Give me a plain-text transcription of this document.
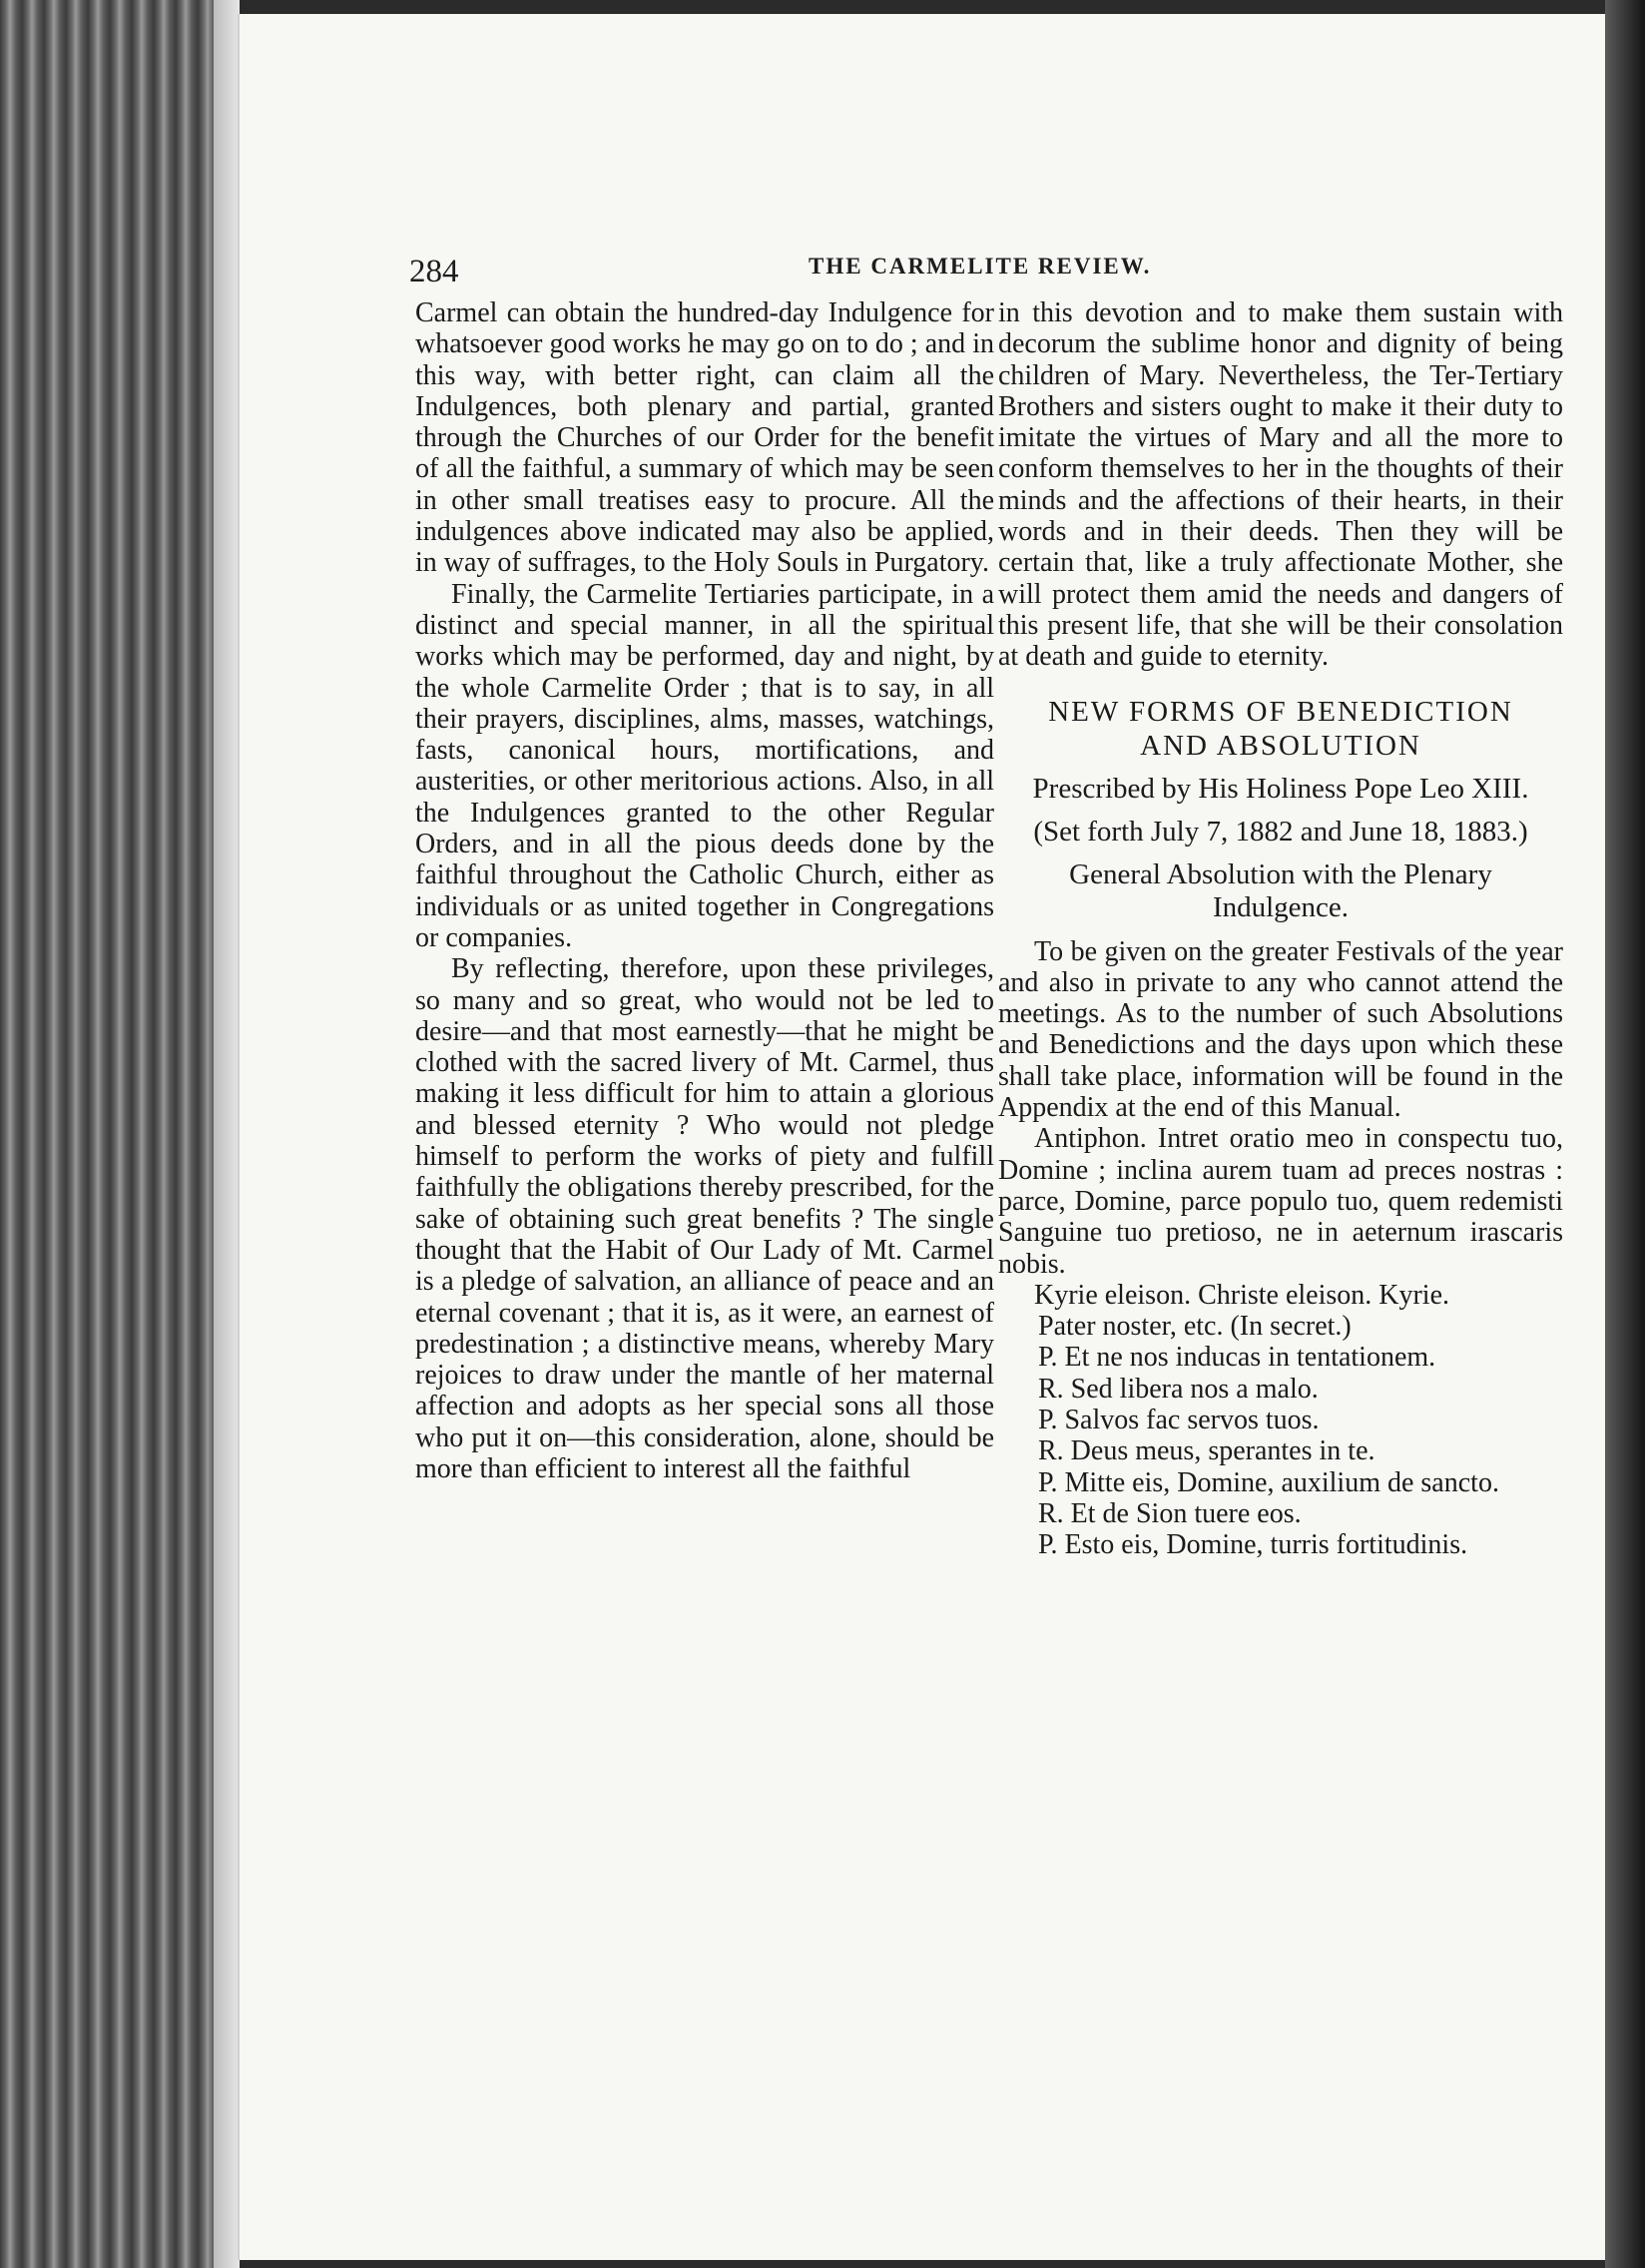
284	THE CARMELITE REVIEW.

Carmel can obtain the hundred-day Indulgence for whatsoever good works he may go on to do ; and in this way, with better right, can claim all the Indulgences, both plenary and partial, granted through the Churches of our Order for the benefit of all the faithful, a summary of which may be seen in other small treatises easy to procure. All the indulgences above indicated may also be applied, in way of suffrages, to the Holy Souls in Purgatory.

Finally, the Carmelite Tertiaries participate, in a distinct and special manner, in all the spiritual works which may be performed, day and night, by the whole Carmelite Order ; that is to say, in all their prayers, disciplines, alms, masses, watchings, fasts, canonical hours, mortifications, and austerities, or other meritorious actions. Also, in all the Indulgences granted to the other Regular Orders, and in all the pious deeds done by the faithful throughout the Catholic Church, either as individuals or as united together in Congregations or companies.

By reflecting, therefore, upon these privileges, so many and so great, who would not be led to desire—and that most earnestly—that he might be clothed with the sacred livery of Mt. Carmel, thus making it less difficult for him to attain a glorious and blessed eternity ? Who would not pledge himself to perform the works of piety and fulfill faithfully the obligations thereby prescribed, for the sake of obtaining such great benefits ? The single thought that the Habit of Our Lady of Mt. Carmel is a pledge of salvation, an alliance of peace and an eternal covenant ; that it is, as it were, an earnest of predestination ; a distinctive means, whereby Mary rejoices to draw under the mantle of her maternal affection and adopts as her special sons all those who put it on—this consideration, alone, should be more than efficient to interest all the faithful

in this devotion and to make them sustain with decorum the sublime honor and dignity of being children of Mary. Nevertheless, the Ter-Tertiary Brothers and sisters ought to make it their duty to imitate the virtues of Mary and all the more to conform themselves to her in the thoughts of their minds and the affections of their hearts, in their words and in their deeds. Then they will be certain that, like a truly affectionate Mother, she will protect them amid the needs and dangers of this present life, that she will be their consolation at death and guide to eternity.

NEW FORMS OF BENEDICTION
AND ABSOLUTION
Prescribed by His Holiness Pope Leo XIII.
(Set forth July 7, 1882 and June 18, 1883.)
General Absolution with the Plenary Indulgence.

To be given on the greater Festivals of the year and also in private to any who cannot attend the meetings. As to the number of such Absolutions and Benedictions and the days upon which these shall take place, information will be found in the Appendix at the end of this Manual.

Antiphon. Intret oratio meo in conspectu tuo, Domine ; inclina aurem tuam ad preces nostras : parce, Domine, parce populo tuo, quem redemisti Sanguine tuo pretioso, ne in aeternum irascaris nobis.

Kyrie eleison. Christe eleison. Kyrie.

Pater noster, etc. (In secret.)

P. Et ne nos inducas in tentationem.

R. Sed libera nos a malo.

P. Salvos fac servos tuos.

R. Deus meus, sperantes in te.

P. Mitte eis, Domine, auxilium de sancto.

R. Et de Sion tuere eos.

P. Esto eis, Domine, turris fortitudinis.
